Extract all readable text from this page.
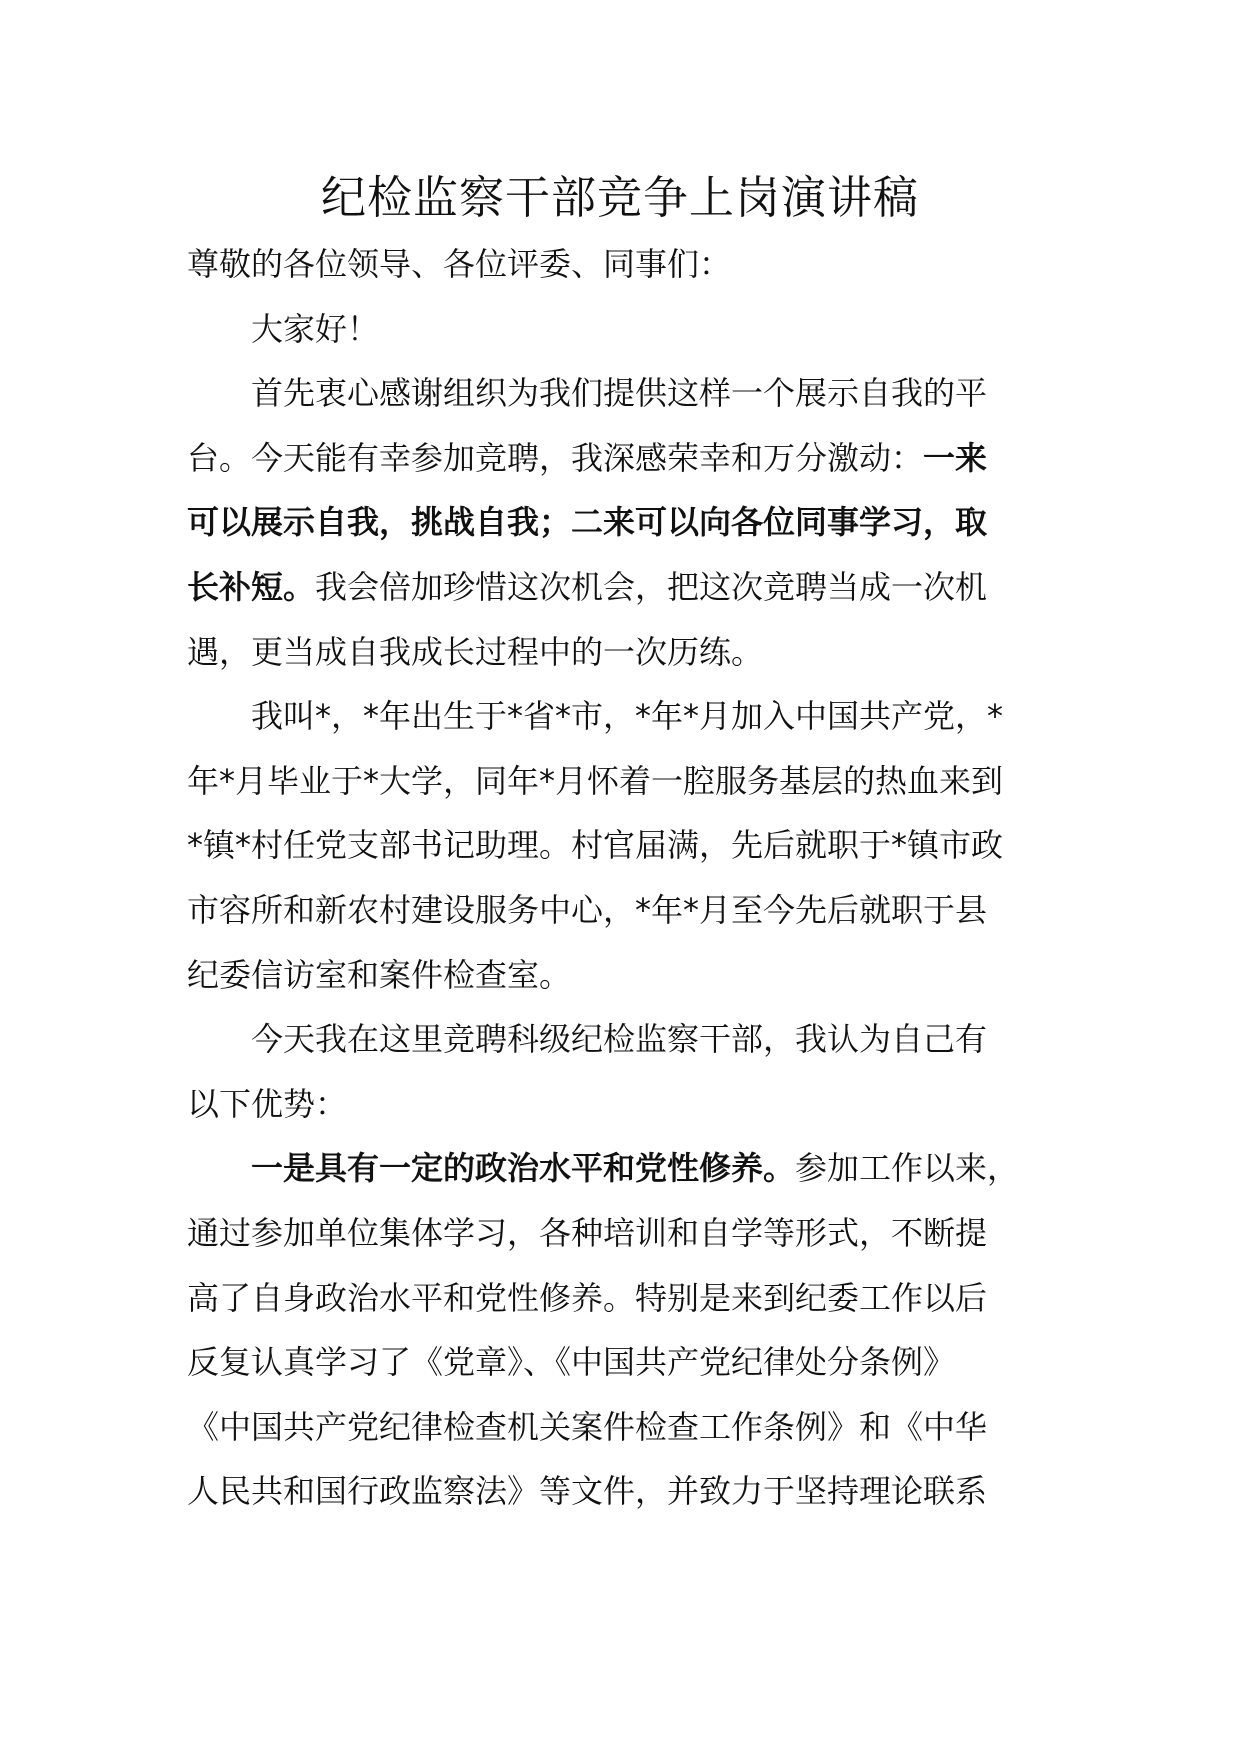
纪检监察干部竞争上岗演讲稿
尊敬的各位领导、各位评委、同事们：
大家好！
首先衷心感谢组织为我们提供这样一个展示自我的平
台。今天能有幸参加竞聘，我深感荣幸和万分激动：一来
可以展示自我，挑战自我；二来可以向各位同事学习，取
长补短。我会倍加珍惜这次机会，把这次竞聘当成一次机
遇，更当成自我成长过程中的一次历练。
我叫*，*年出生于*省*市，*年*月加入中国共产党，*
年*月毕业于*大学，同年*月怀着一腔服务基层的热血来到
*镇*村任党支部书记助理。村官届满，先后就职于*镇市政
市容所和新农村建设服务中心，*年*月至今先后就职于县
纪委信访室和案件检查室。
今天我在这里竞聘科级纪检监察干部，我认为自己有
以下优势：
一是具有一定的政治水平和党性修养。参加工作以来，
通过参加单位集体学习，各种培训和自学等形式，不断提
高了自身政治水平和党性修养。特别是来到纪委工作以后
反复认真学习了《党章》、《中国共产党纪律处分条例》
《中国共产党纪律检查机关案件检查工作条例》和《中华
人民共和国行政监察法》等文件，并致力于坚持理论联系
